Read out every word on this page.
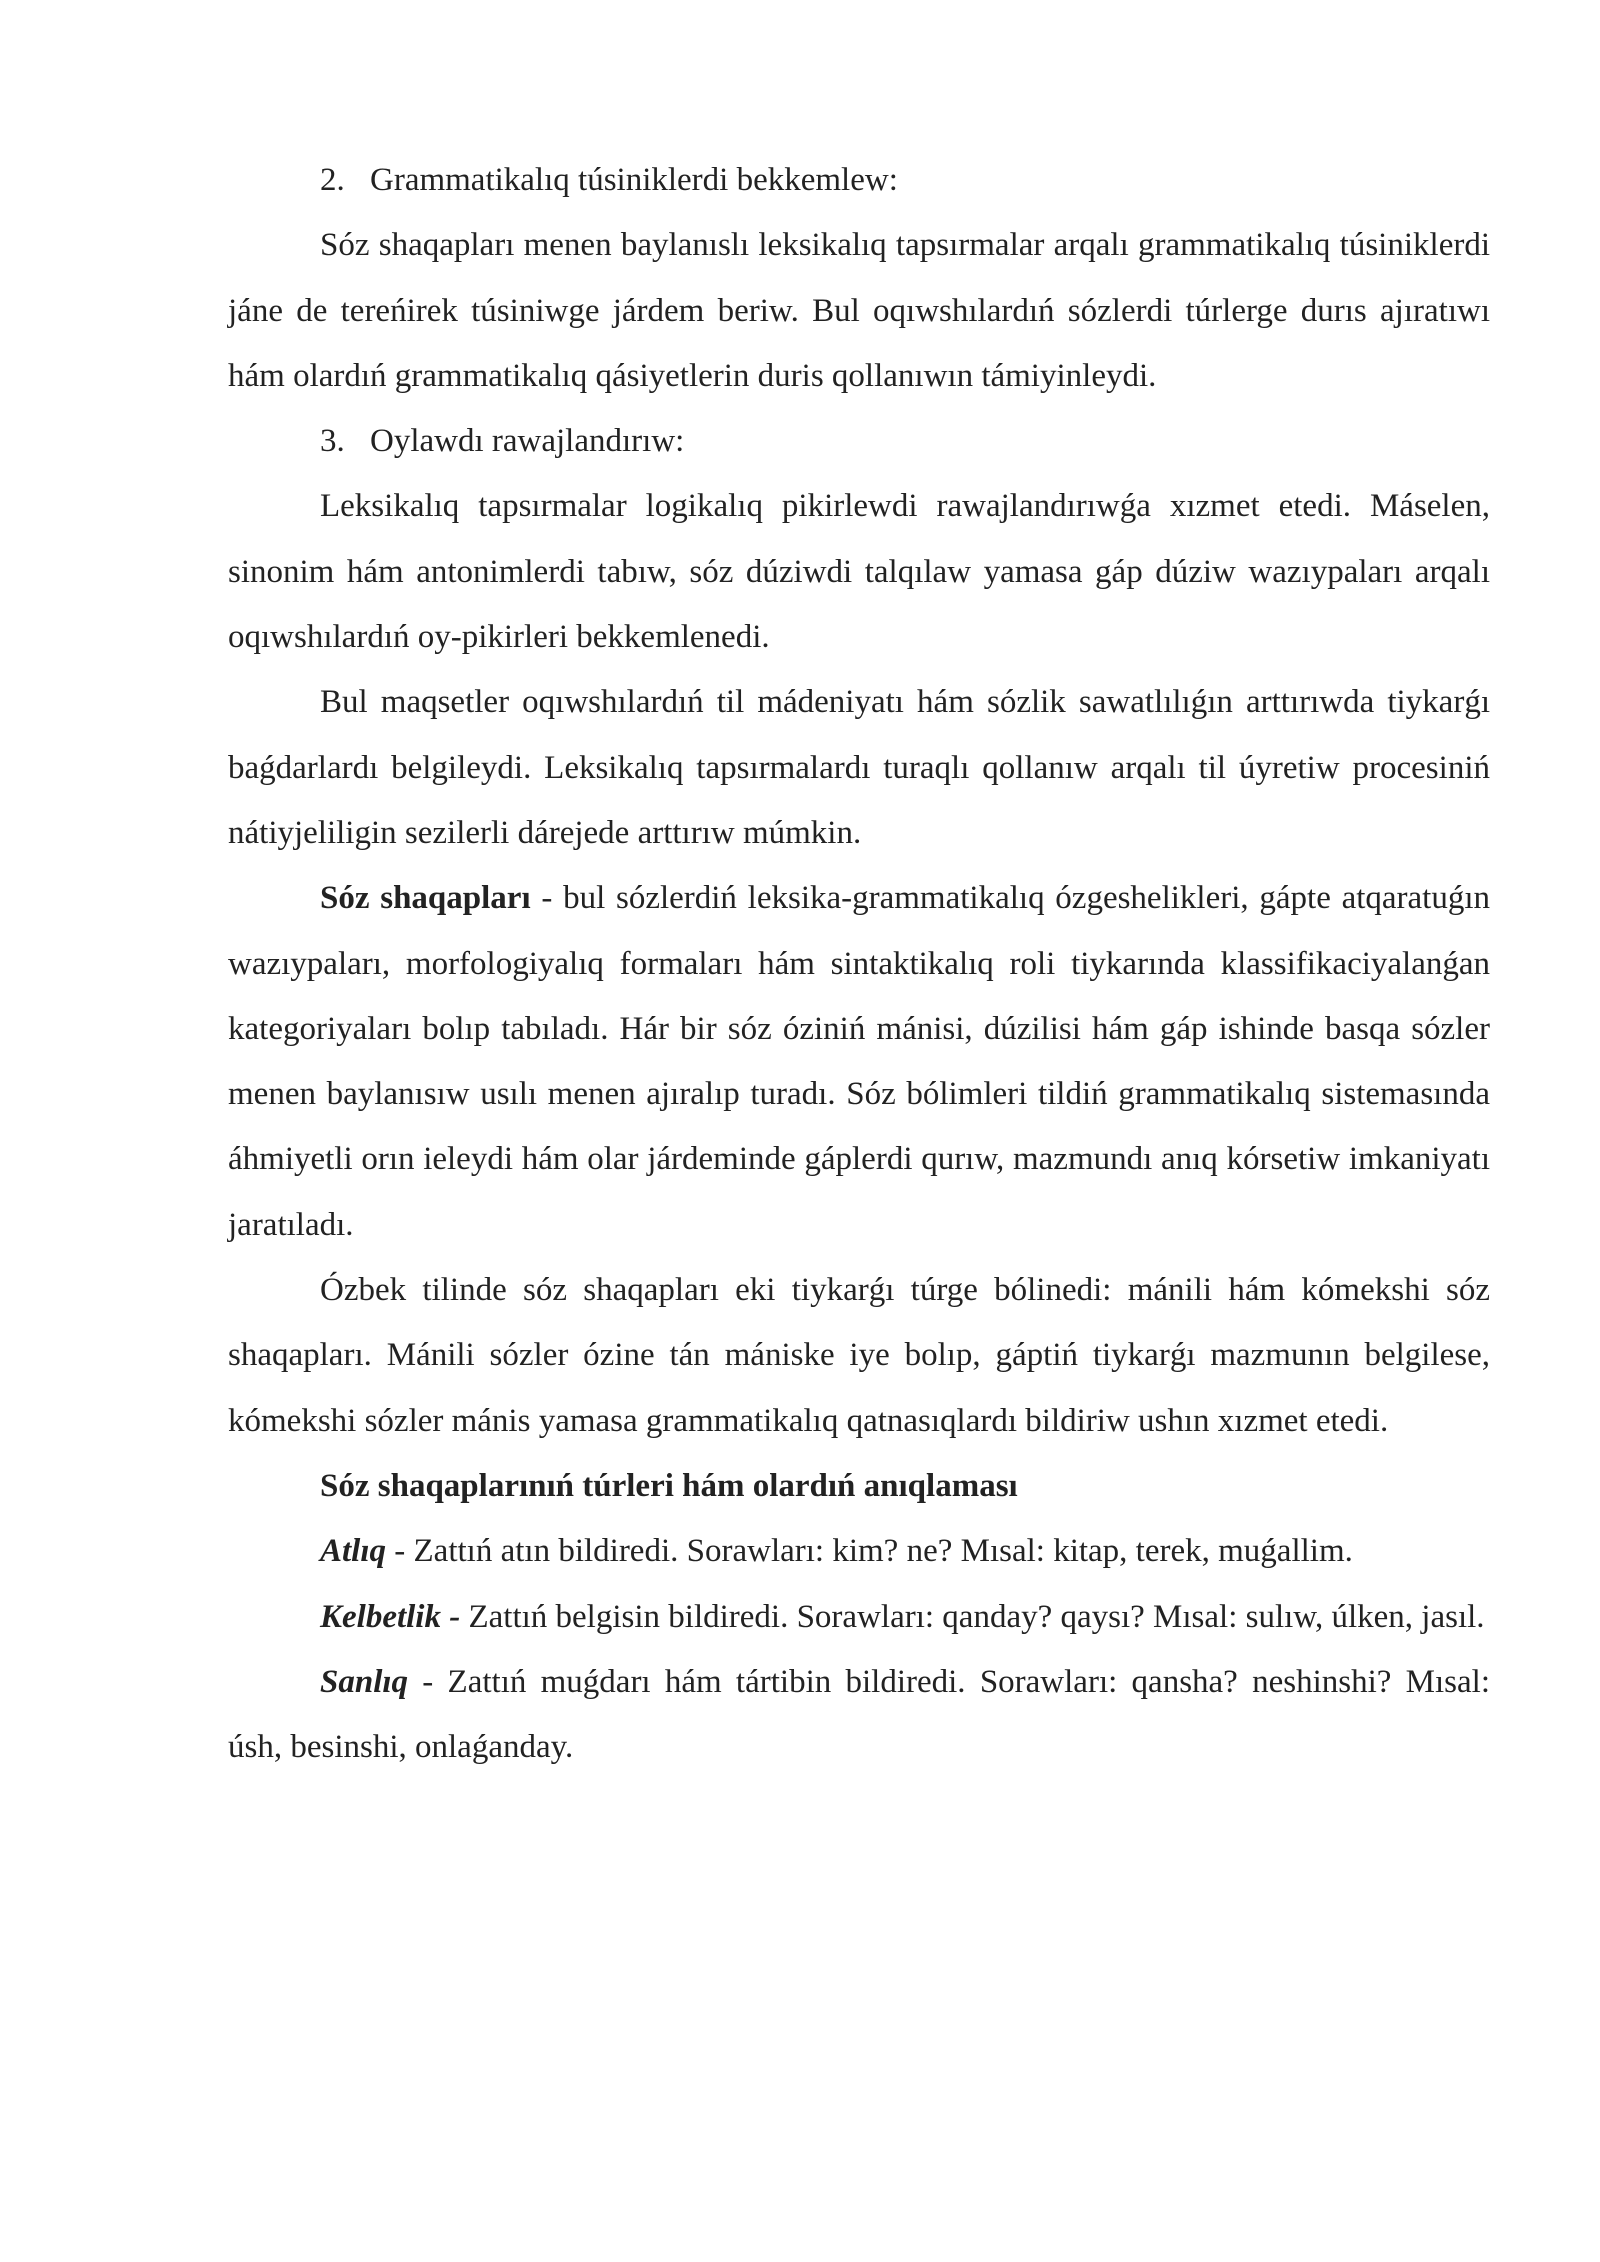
2. Grammatikalıq túsiniklerdi bekkemlew:

Sóz shaqapları menen baylanıslı leksikalıq tapsırmalar arqalı grammatikalıq túsiniklerdi jáne de tereńirek túsiniwge járdem beriw. Bul oqıwshılardıń sózlerdi túrlerge durıs ajıratıwı hám olardıń grammatikalıq qásiyetlerin duris qollanıwın támiyinleydi.

3. Oylawdı rawajlandırıw:

Leksikalıq tapsırmalar logikalıq pikirlewdi rawajlandırıwǵa xızmet etedi. Máselen, sinonim hám antonimlerdi tabıw, sóz dúziwdi talqılaw yamasa gáp dúziw wazıypaları arqalı oqıwshılardıń oy-pikirleri bekkemlenedi.

Bul maqsetler oqıwshılardıń til mádeniyatı hám sózlik sawatlılıǵın arttırıwda tiykarǵı baǵdarlardı belgileydi. Leksikalıq tapsırmalardı turaqlı qollanıw arqalı til úyretiw procesiniń nátiyjeliligin sezilerli dárejede arttırıw múmkin.

Sóz shaqapları - bul sózlerdiń leksika-grammatikalıq ózgeshelikleri, gápte atqaratuǵın wazıypaları, morfologiyalıq formaları hám sintaktikalıq roli tiykarında klassifikaciyalanǵan kategoriyaları bolıp tabıladı. Hár bir sóz óziniń mánisi, dúzilisi hám gáp ishinde basqa sózler menen baylanısıw usılı menen ajıralıp turadı. Sóz bólimleri tildiń grammatikalıq sistemasında áhmiyetli orın ieleydi hám olar járdeminde gáplerdi qurıw, mazmundı anıq kórsetiw imkaniyatı jaratıladı.

Ózbek tilinde sóz shaqapları eki tiykarǵı túrge bólinedi: mánili hám kómekshi sóz shaqapları. Mánili sózler ózine tán mániske iye bolıp, gáptiń tiykarǵı mazmunın belgilese, kómekshi sózler mánis yamasa grammatikalıq qatnasıqlardı bildiriw ushın xızmet etedi.

Sóz shaqaplarınıń túrleri hám olardıń anıqlaması

Atlıq - Zattıń atın bildiredi. Sorawları: kim? ne? Mısal: kitap, terek, muǵallim.

Kelbetlik - Zattıń belgisin bildiredi. Sorawları: qanday? qaysı? Mısal: sulıw, úlken, jasıl.

Sanlıq - Zattıń muǵdarı hám tártibin bildiredi. Sorawları: qansha? neshinshi? Mısal: úsh, besinshi, onlaǵanday.
